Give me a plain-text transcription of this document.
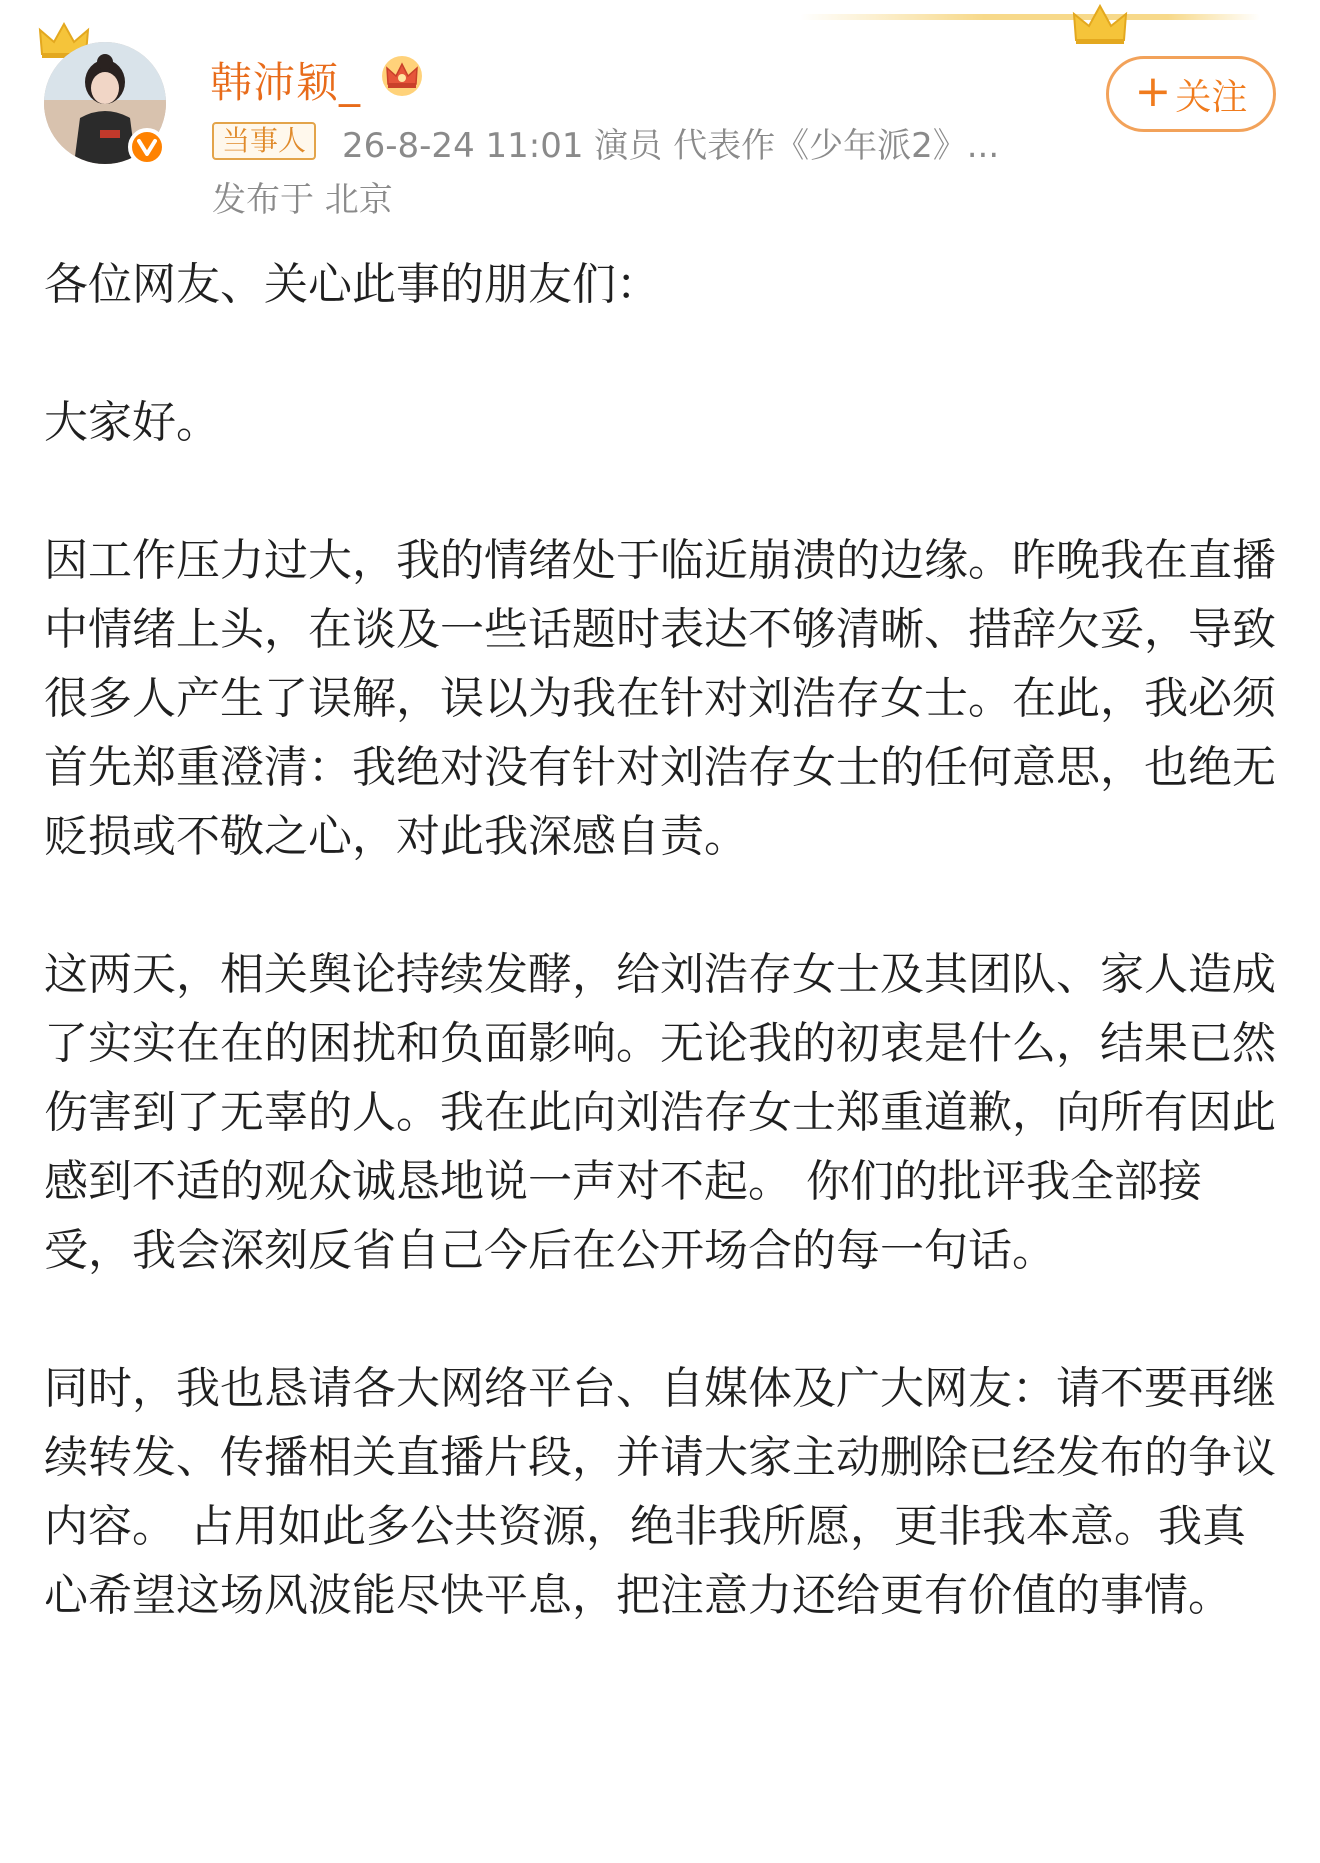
韩沛颖_
当事人 26-8-24 11:01 演员 代表作《少年派2》...
发布于 北京
+ 关注

各位网友、关心此事的朋友们：

大家好。

因工作压力过大，我的情绪处于临近崩溃的边缘。昨晚我在直播中情绪上头，在谈及一些话题时表达不够清晰、措辞欠妥，导致很多人产生了误解，误以为我在针对刘浩存女士。在此，我必须首先郑重澄清：我绝对没有针对刘浩存女士的任何意思，也绝无贬损或不敬之心，对此我深感自责。

这两天，相关舆论持续发酵，给刘浩存女士及其团队、家人造成了实实在在的困扰和负面影响。无论我的初衷是什么，结果已然伤害到了无辜的人。我在此向刘浩存女士郑重道歉，向所有因此感到不适的观众诚恳地说一声对不起。 你们的批评我全部接受，我会深刻反省自己今后在公开场合的每一句话。

同时，我也恳请各大网络平台、自媒体及广大网友：请不要再继续转发、传播相关直播片段，并请大家主动删除已经发布的争议内容。 占用如此多公共资源，绝非我所愿，更非我本意。我真心希望这场风波能尽快平息，把注意力还给更有价值的事情。
